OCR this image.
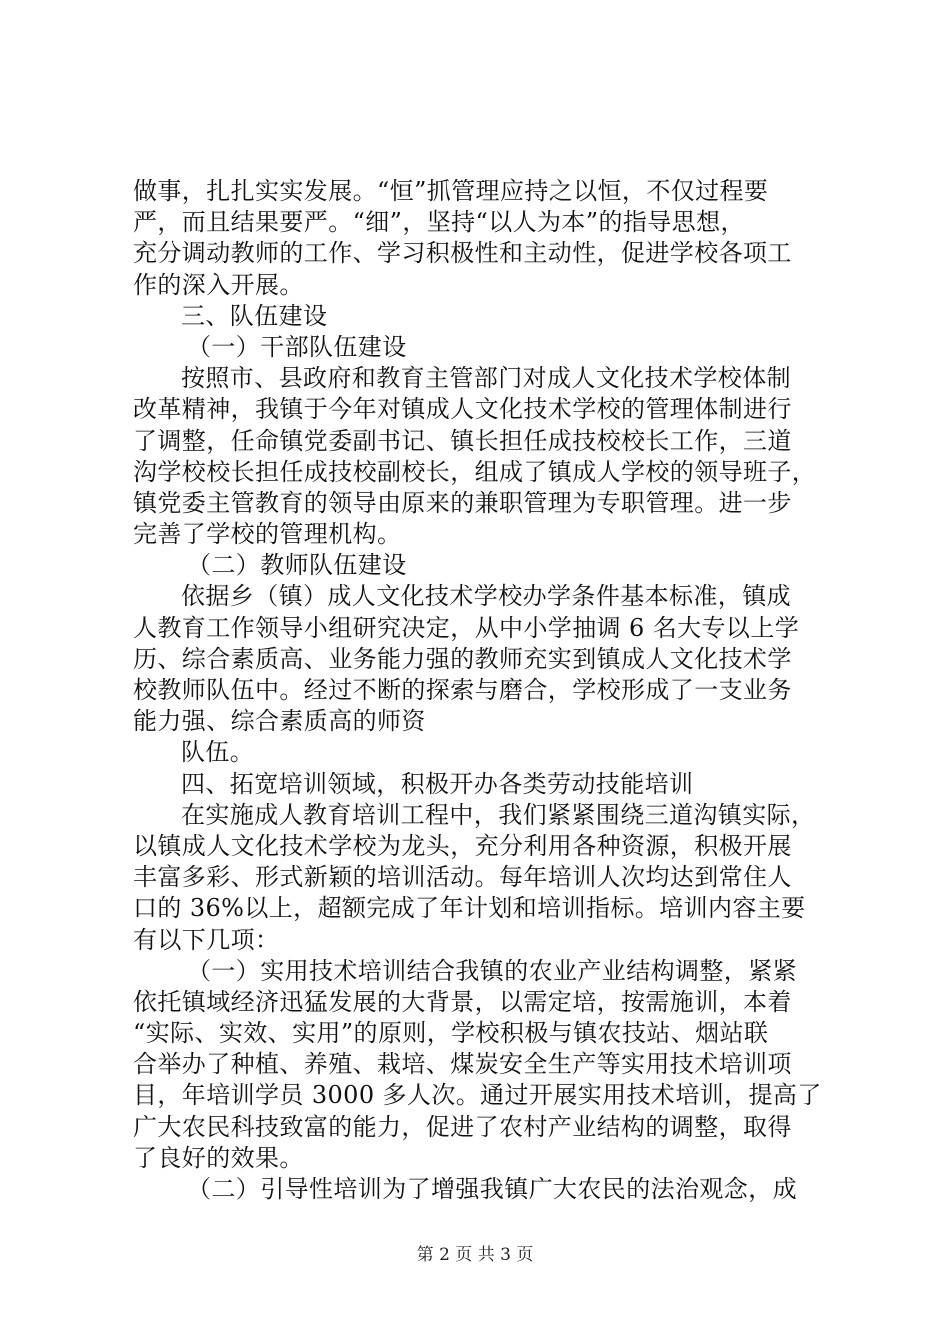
做事，扎扎实实发展。“恒”抓管理应持之以恒，不仅过程要
严，而且结果要严。“细”，坚持“以人为本”的指导思想，
充分调动教师的工作、学习积极性和主动性，促进学校各项工
作的深入开展。
三、队伍建设
（一）干部队伍建设
按照市、县政府和教育主管部门对成人文化技术学校体制
改革精神，我镇于今年对镇成人文化技术学校的管理体制进行
了调整，任命镇党委副书记、镇长担任成技校校长工作，三道
沟学校校长担任成技校副校长，组成了镇成人学校的领导班子，
镇党委主管教育的领导由原来的兼职管理为专职管理。进一步
完善了学校的管理机构。
（二）教师队伍建设
依据乡（镇）成人文化技术学校办学条件基本标准，镇成
人教育工作领导小组研究决定，从中小学抽调 6 名大专以上学
历、综合素质高、业务能力强的教师充实到镇成人文化技术学
校教师队伍中。经过不断的探索与磨合，学校形成了一支业务
能力强、综合素质高的师资
队伍。
四、拓宽培训领域，积极开办各类劳动技能培训
在实施成人教育培训工程中，我们紧紧围绕三道沟镇实际，
以镇成人文化技术学校为龙头，充分利用各种资源，积极开展
丰富多彩、形式新颖的培训活动。每年培训人次均达到常住人
口的 36%以上，超额完成了年计划和培训指标。培训内容主要
有以下几项：
（一）实用技术培训结合我镇的农业产业结构调整，紧紧
依托镇域经济迅猛发展的大背景，以需定培，按需施训，本着
“实际、实效、实用”的原则，学校积极与镇农技站、烟站联
合举办了种植、养殖、栽培、煤炭安全生产等实用技术培训项
目，年培训学员 3000 多人次。通过开展实用技术培训，提高了
广大农民科技致富的能力，促进了农村产业结构的调整，取得
了良好的效果。
（二）引导性培训为了增强我镇广大农民的法治观念，成
第 2 页 共 3 页
